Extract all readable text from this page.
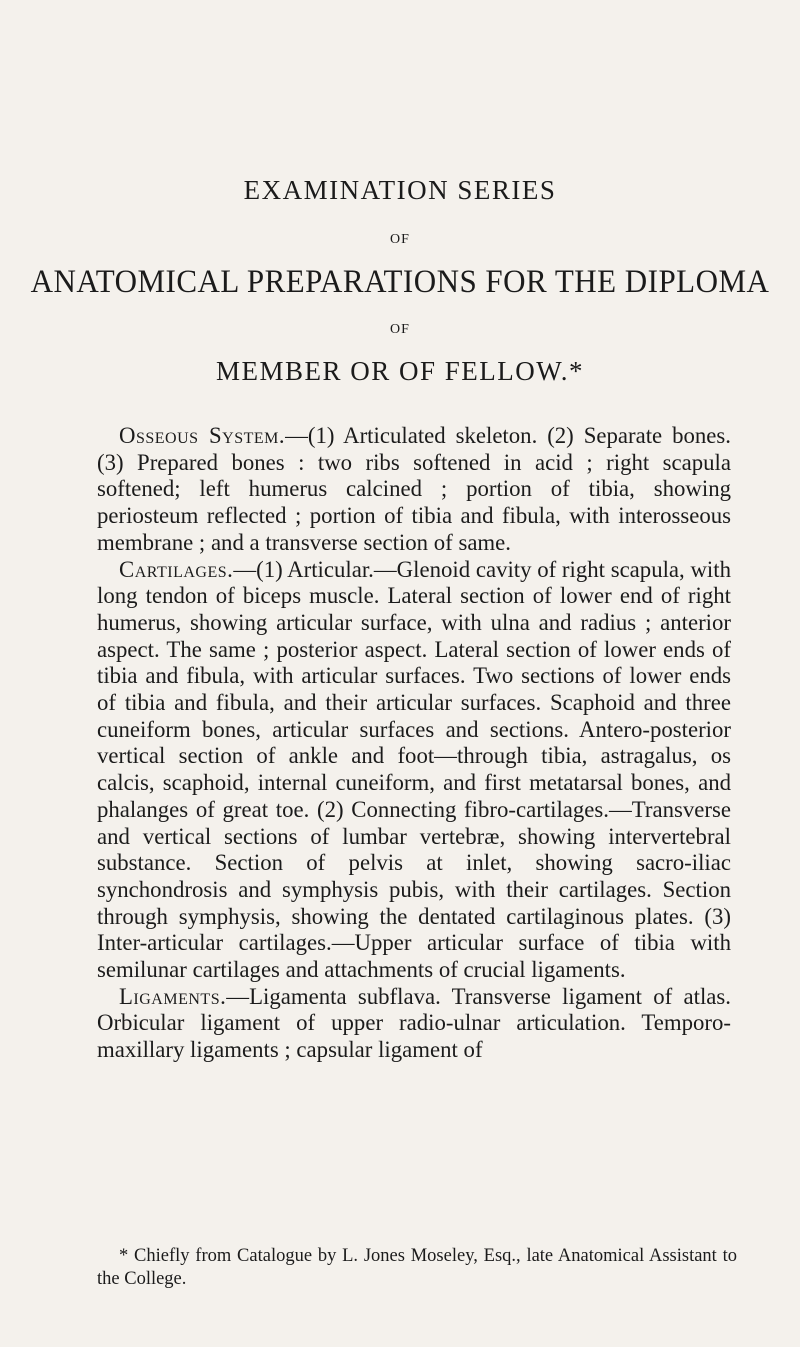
EXAMINATION SERIES
OF
ANATOMICAL PREPARATIONS FOR THE DIPLOMA
OF
MEMBER OR OF FELLOW.*

Osseous System.—(1) Articulated skeleton. (2) Separate bones. (3) Prepared bones : two ribs softened in acid ; right scapula softened; left humerus calcined ; portion of tibia, showing periosteum reflected ; portion of tibia and fibula, with interosseous membrane ; and a transverse section of same.

Cartilages.—(1) Articular.—Glenoid cavity of right scapula, with long tendon of biceps muscle. Lateral section of lower end of right humerus, showing articular surface, with ulna and radius ; anterior aspect. The same ; posterior aspect. Lateral section of lower ends of tibia and fibula, with articular surfaces. Two sections of lower ends of tibia and fibula, and their articular surfaces. Scaphoid and three cuneiform bones, articular surfaces and sections. Antero-posterior vertical section of ankle and foot—through tibia, astragalus, os calcis, scaphoid, internal cuneiform, and first metatarsal bones, and phalanges of great toe. (2) Connecting fibro-cartilages.—Transverse and vertical sections of lumbar vertebræ, showing intervertebral substance. Section of pelvis at inlet, showing sacro-iliac synchondrosis and symphysis pubis, with their cartilages. Section through symphysis, showing the dentated cartilaginous plates. (3) Inter-articular cartilages.—Upper articular surface of tibia with semilunar cartilages and attachments of crucial ligaments.

Ligaments.—Ligamenta subflava. Transverse ligament of atlas. Orbicular ligament of upper radio-ulnar articulation. Temporo-maxillary ligaments ; capsular ligament of

* Chiefly from Catalogue by L. Jones Moseley, Esq., late Anatomical Assistant to the College.
